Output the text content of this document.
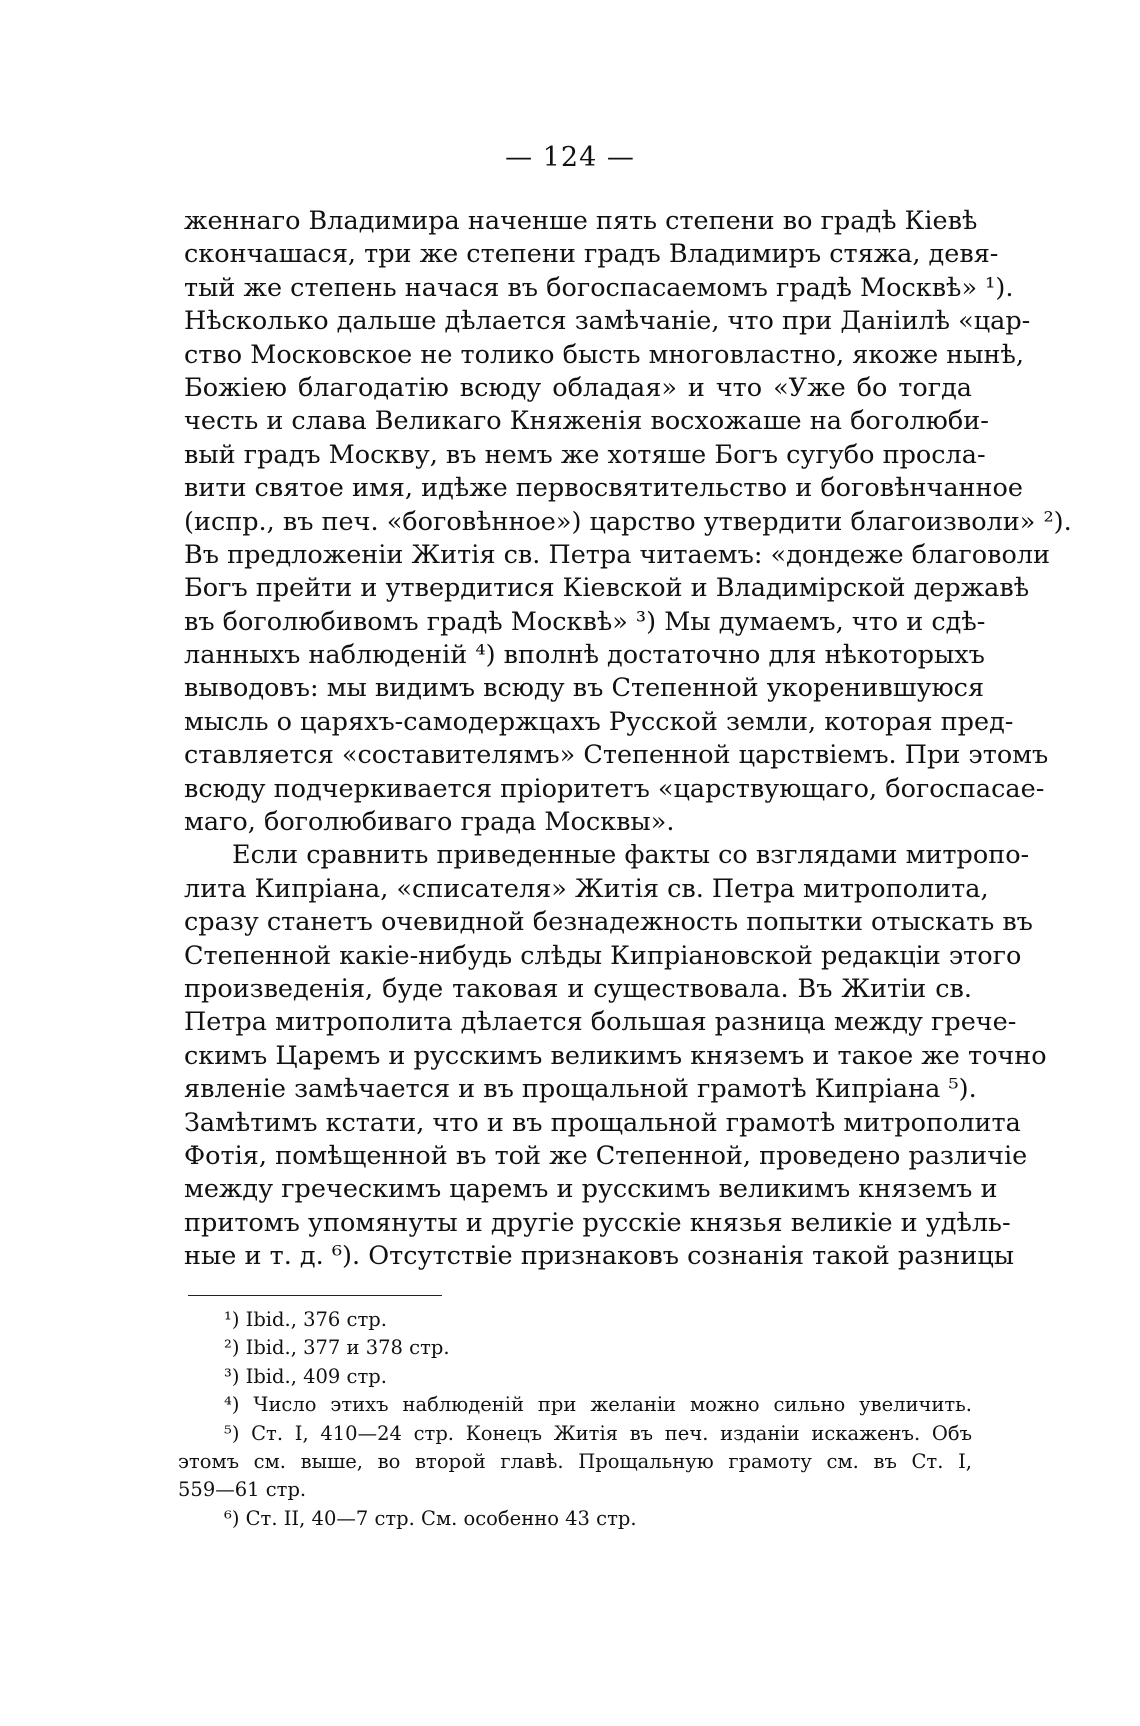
— 124 —
женнаго Владимира наченше пять степени во градѣ Кіевѣ
скончашася, три же степени градъ Владимиръ стяжа, девя-
тый же степень начася въ богоспасаемомъ градѣ Москвѣ» ¹).
Нѣсколько дальше дѣлается замѣчаніе, что при Даніилѣ «цар-
ство Московское не толико бысть многовластно, якоже нынѣ,
Божіею благодатію всюду обладая» и что «Уже бо тогда
честь и слава Великаго Княженія восхожаше на боголюби-
вый градъ Москву, въ немъ же хотяше Богъ сугубо просла-
вити святое имя, идѣже первосвятительство и боговѣнчанное
(испр., въ печ. «боговѣнное») царство утвердити благоизволи» ²).
Въ предложеніи Житія св. Петра читаемъ: «дондеже благоволи
Богъ прейти и утвердитися Кіевской и Владимірской державѣ
въ боголюбивомъ градѣ Москвѣ» ³) Мы думаемъ, что и сдѣ-
ланныхъ наблюденій ⁴) вполнѣ достаточно для нѣкоторыхъ
выводовъ: мы видимъ всюду въ Степенной укоренившуюся
мысль о царяхъ-самодержцахъ Русской земли, которая пред-
ставляется «составителямъ» Степенной царствіемъ. При этомъ
всюду подчеркивается пріоритетъ «царствующаго, богоспасае-
маго, боголюбиваго града Москвы».
Если сравнить приведенные факты со взглядами митропо-
лита Кипріана, «списателя» Житія св. Петра митрополита,
сразу станетъ очевидной безнадежность попытки отыскать въ
Степенной какіе-нибудь слѣды Кипріановской редакціи этого
произведенія, буде таковая и существовала. Въ Житіи св.
Петра митрополита дѣлается большая разница между грече-
скимъ Царемъ и русскимъ великимъ княземъ и такое же точно
явленіе замѣчается и въ прощальной грамотѣ Кипріана ⁵).
Замѣтимъ кстати, что и въ прощальной грамотѣ митрополита
Фотія, помѣщенной въ той же Степенной, проведено различіе
между греческимъ царемъ и русскимъ великимъ княземъ и
притомъ упомянуты и другіе русскіе князья великіе и удѣль-
ные и т. д. ⁶). Отсутствіе признаковъ сознанія такой разницы
¹) Ibid., 376 стр.
²) Ibid., 377 и 378 стр.
³) Ibid., 409 стр.
⁴) Число этихъ наблюденій при желаніи можно сильно увеличить.
⁵) Ст. I, 410—24 стр. Конецъ Житія въ печ. изданіи искаженъ. Объ
этомъ см. выше, во второй главѣ. Прощальную грамоту см. въ Ст. I,
559—61 стр.
⁶) Ст. II, 40—7 стр. См. особенно 43 стр.
